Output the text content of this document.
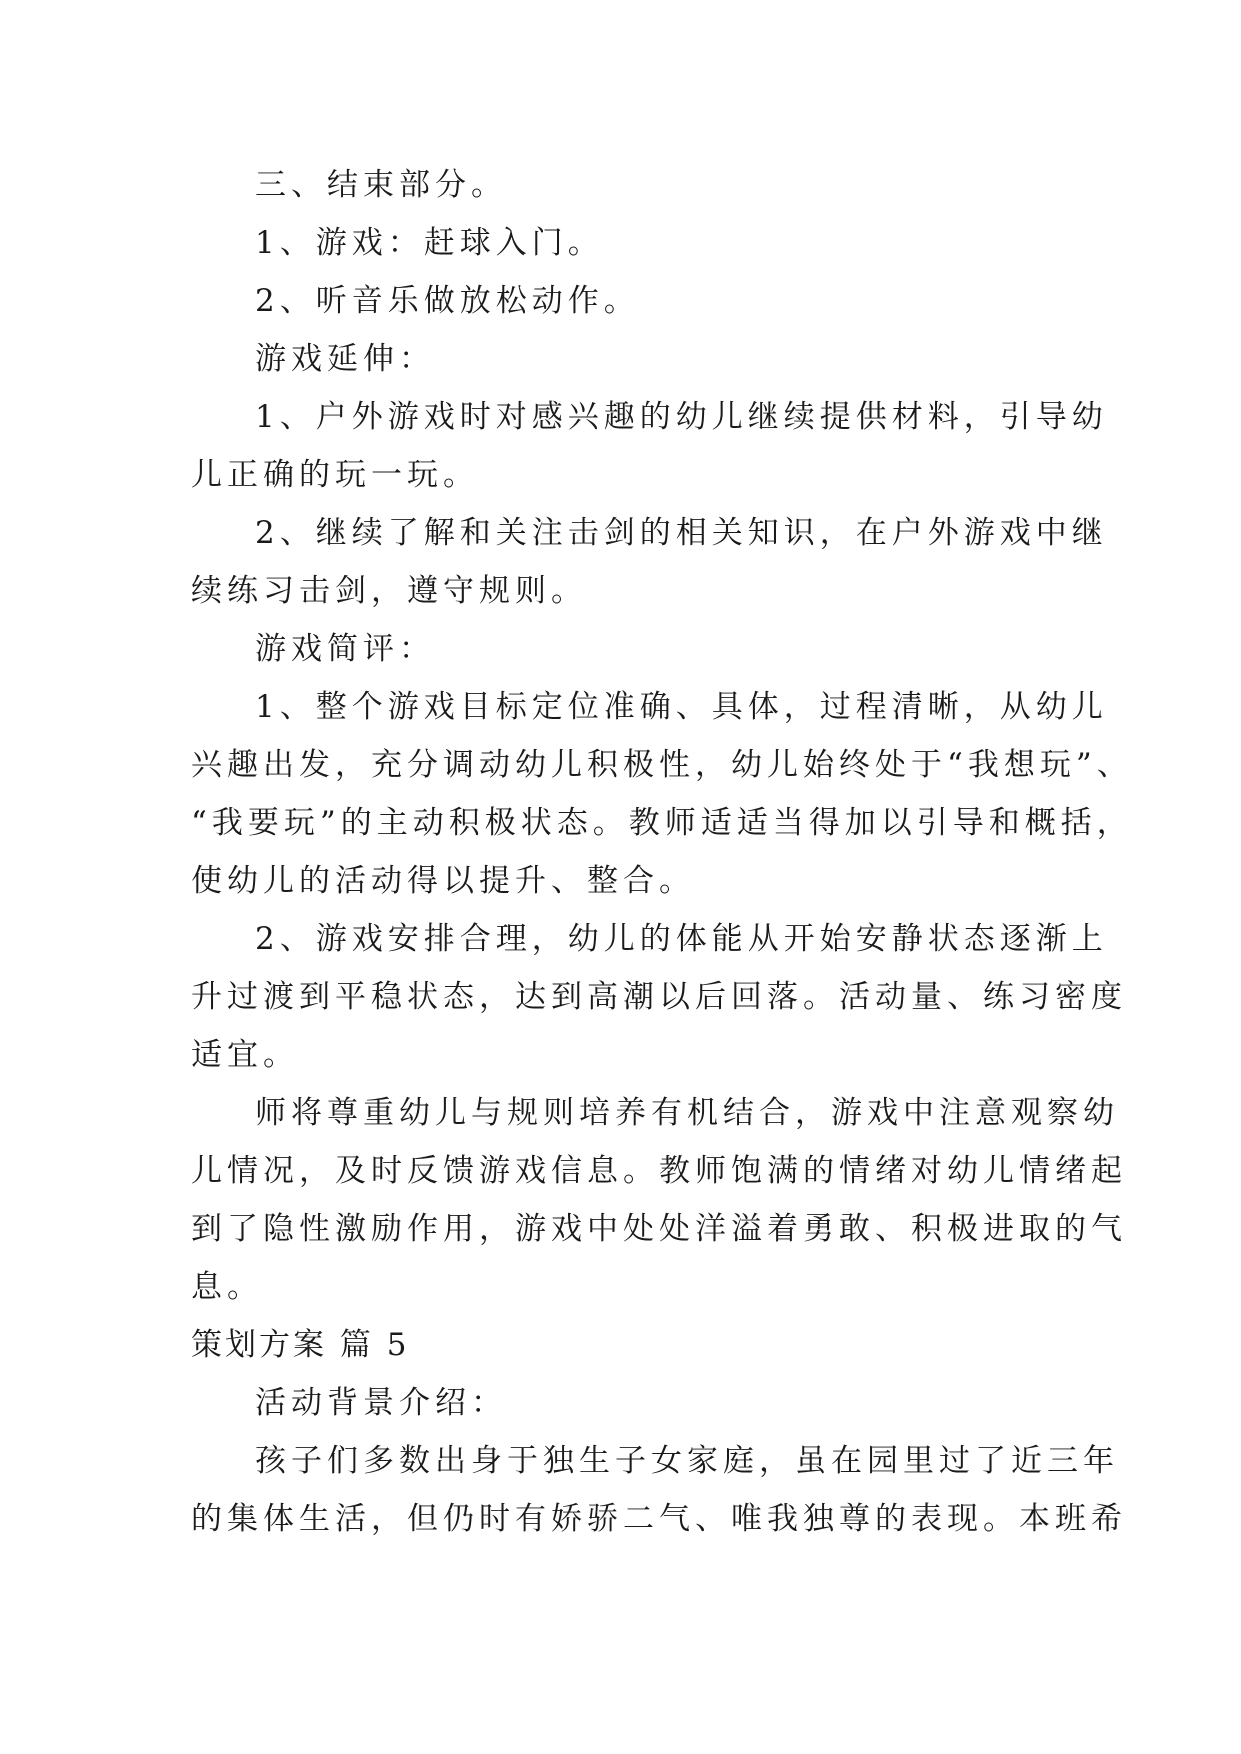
三、结束部分。
1、游戏：赶球入门。
2、听音乐做放松动作。
游戏延伸：
1、户外游戏时对感兴趣的幼儿继续提供材料，引导幼
儿正确的玩一玩。
2、继续了解和关注击剑的相关知识，在户外游戏中继
续练习击剑，遵守规则。
游戏简评：
1、整个游戏目标定位准确、具体，过程清晰，从幼儿
兴趣出发，充分调动幼儿积极性，幼儿始终处于“我想玩”、
“我要玩”的主动积极状态。教师适适当得加以引导和概括，
使幼儿的活动得以提升、整合。
2、游戏安排合理，幼儿的体能从开始安静状态逐渐上
升过渡到平稳状态，达到高潮以后回落。活动量、练习密度
适宜。
师将尊重幼儿与规则培养有机结合，游戏中注意观察幼
儿情况，及时反馈游戏信息。教师饱满的情绪对幼儿情绪起
到了隐性激励作用，游戏中处处洋溢着勇敢、积极进取的气
息。
策划方案 篇 5
活动背景介绍：
孩子们多数出身于独生子女家庭，虽在园里过了近三年
的集体生活，但仍时有娇骄二气、唯我独尊的表现。本班希
